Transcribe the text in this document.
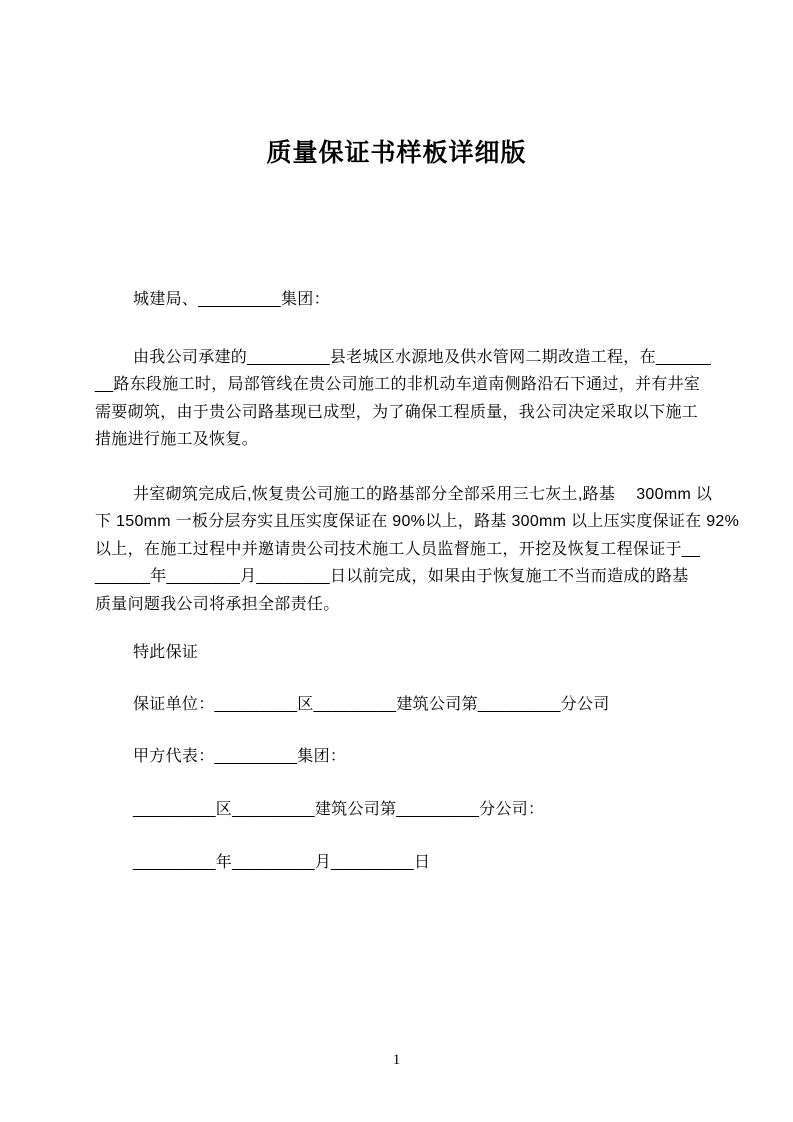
质量保证书样板详细版
城建局、_________集团：
由我公司承建的_________县老城区水源地及供水管网二期改造工程，在______
__路东段施工时，局部管线在贵公司施工的非机动车道南侧路沿石下通过，并有井室
需要砌筑，由于贵公司路基现已成型，为了确保工程质量，我公司决定采取以下施工
措施进行施工及恢复。
井室砌筑完成后,恢复贵公司施工的路基部分全部采用三七灰土,路基　 300mm 以
下 150mm 一板分层夯实且压实度保证在 90%以上，路基 300mm 以上压实度保证在 92%
以上，在施工过程中并邀请贵公司技术施工人员监督施工，开挖及恢复工程保证于__
______年________月________日以前完成，如果由于恢复施工不当而造成的路基
质量问题我公司将承担全部责任。
特此保证
保证单位：_________区_________建筑公司第_________分公司
甲方代表：_________集团：
_________区_________建筑公司第_________分公司：
_________年_________月_________日
1
